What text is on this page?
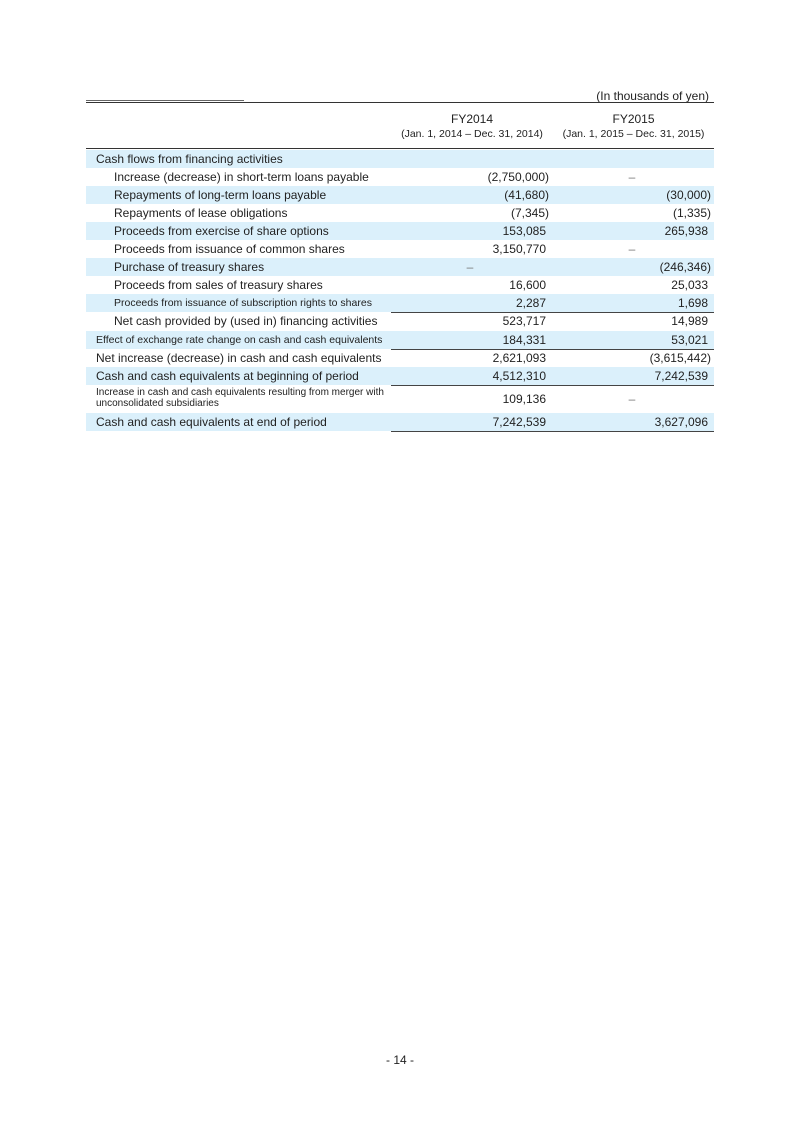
(In thousands of yen)
FY2014
(Jan. 1, 2014 – Dec. 31, 2014)
FY2015
(Jan. 1, 2015 – Dec. 31, 2015)
Cash flows from financing activities
Increase (decrease) in short-term loans payable	(2,750,000)	–
Repayments of long-term loans payable	(41,680)	(30,000)
Repayments of lease obligations	(7,345)	(1,335)
Proceeds from exercise of share options	153,085	265,938
Proceeds from issuance of common shares	3,150,770	–
Purchase of treasury shares	–	(246,346)
Proceeds from sales of treasury shares	16,600	25,033
Proceeds from issuance of subscription rights to shares	2,287	1,698
Net cash provided by (used in) financing activities	523,717	14,989
Effect of exchange rate change on cash and cash equivalents	184,331	53,021
Net increase (decrease) in cash and cash equivalents	2,621,093	(3,615,442)
Cash and cash equivalents at beginning of period	4,512,310	7,242,539
Increase in cash and cash equivalents resulting from merger with unconsolidated subsidiaries	109,136	–
Cash and cash equivalents at end of period	7,242,539	3,627,096
- 14 -
